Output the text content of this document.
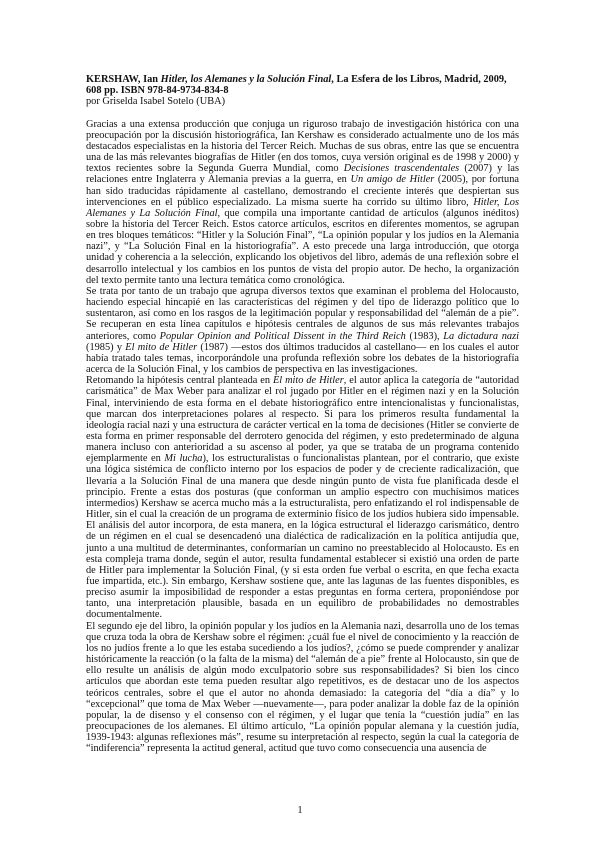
KERSHAW, Ian Hitler, los Alemanes y la Solución Final, La Esfera de los Libros, Madrid, 2009, 608 pp. ISBN 978-84-9734-834-8
por Griselda Isabel Sotelo (UBA)

Gracias a una extensa producción que conjuga un riguroso trabajo de investigación histórica con una preocupación por la discusión historiográfica, Ian Kershaw es considerado actualmente uno de los más destacados especialistas en la historia del Tercer Reich. Muchas de sus obras, entre las que se encuentra una de las más relevantes biografías de Hitler (en dos tomos, cuya versión original es de 1998 y 2000) y textos recientes sobre la Segunda Guerra Mundial, como Decisiones trascendentales (2007) y las relaciones entre Inglaterra y Alemania previas a la guerra, en Un amigo de Hitler (2005), por fortuna han sido traducidas rápidamente al castellano, demostrando el creciente interés que despiertan sus intervenciones en el público especializado. La misma suerte ha corrido su último libro, Hitler, Los Alemanes y La Solución Final, que compila una importante cantidad de artículos (algunos inéditos) sobre la historia del Tercer Reich. Estos catorce artículos, escritos en diferentes momentos, se agrupan en tres bloques temáticos: “Hitler y la Solución Final”, “La opinión popular y los judíos en la Alemania nazi”, y “La Solución Final en la historiografía”. A esto precede una larga introducción, que otorga unidad y coherencia a la selección, explicando los objetivos del libro, además de una reflexión sobre el desarrollo intelectual y los cambios en los puntos de vista del propio autor. De hecho, la organización del texto permite tanto una lectura temática como cronológica.

Se trata por tanto de un trabajo que agrupa diversos textos que examinan el problema del Holocausto, haciendo especial hincapié en las características del régimen y del tipo de liderazgo político que lo sustentaron, así como en los rasgos de la legitimación popular y responsabilidad del “alemán de a pie”. Se recuperan en esta línea capítulos e hipótesis centrales de algunos de sus más relevantes trabajos anteriores, como Popular Opinion and Political Dissent in the Third Reich (1983), La dictadura nazi (1985) y El mito de Hitler (1987) —estos dos últimos traducidos al castellano— en los cuales el autor había tratado tales temas, incorporándole una profunda reflexión sobre los debates de la historiografía acerca de la Solución Final, y los cambios de perspectiva en las investigaciones.

Retomando la hipótesis central planteada en El mito de Hitler, el autor aplica la categoría de “autoridad carismática” de Max Weber para analizar el rol jugado por Hitler en el régimen nazi y en la Solución Final, interviniendo de esta forma en el debate historiográfico entre intencionalistas y funcionalistas, que marcan dos interpretaciones polares al respecto. Si para los primeros resulta fundamental la ideología racial nazi y una estructura de carácter vertical en la toma de decisiones (Hitler se convierte de esta forma en primer responsable del derrotero genocida del régimen, y esto predeterminado de alguna manera incluso con anterioridad a su ascenso al poder, ya que se trataba de un programa contenido ejemplarmente en Mi lucha), los estructuralistas o funcionalistas plantean, por el contrario, que existe una lógica sistémica de conflicto interno por los espacios de poder y de creciente radicalización, que llevaría a la Solución Final de una manera que desde ningún punto de vista fue planificada desde el principio. Frente a estas dos posturas (que conforman un amplio espectro con muchísimos matices intermedios) Kershaw se acerca mucho más a la estructuralista, pero enfatizando el rol indispensable de Hitler, sin el cual la creación de un programa de exterminio físico de los judíos hubiera sido impensable. El análisis del autor incorpora, de esta manera, en la lógica estructural el liderazgo carismático, dentro de un régimen en el cual se desencadenó una dialéctica de radicalización en la política antijudía que, junto a una multitud de determinantes, conformarían un camino no preestablecido al Holocausto. Es en esta compleja trama donde, según el autor, resulta fundamental establecer si existió una orden de parte de Hitler para implementar la Solución Final, (y si esta orden fue verbal o escrita, en que fecha exacta fue impartida, etc.). Sin embargo, Kershaw sostiene que, ante las lagunas de las fuentes disponibles, es preciso asumir la imposibilidad de responder a estas preguntas en forma certera, proponiéndose por tanto, una interpretación plausible, basada en un equilibro de probabilidades no demostrables documentalmente.

El segundo eje del libro, la opinión popular y los judíos en la Alemania nazi, desarrolla uno de los temas que cruza toda la obra de Kershaw sobre el régimen: ¿cuál fue el nivel de conocimiento y la reacción de los no judíos frente a lo que les estaba sucediendo a los judíos?, ¿cómo se puede comprender y analizar históricamente la reacción (o la falta de la misma) del “alemán de a pie” frente al Holocausto, sin que de ello resulte un análisis de algún modo exculpatorio sobre sus responsabilidades? Si bien los cinco artículos que abordan este tema pueden resultar algo repetitivos, es de destacar uno de los aspectos teóricos centrales, sobre el que el autor no ahonda demasiado: la categoría del “día a día” y lo “excepcional” que toma de Max Weber —nuevamente—, para poder analizar la doble faz de la opinión popular, la de disenso y el consenso con el régimen, y el lugar que tenía la “cuestión judía” en las preocupaciones de los alemanes. El último artículo, “La opinión popular alemana y la cuestión judía, 1939-1943: algunas reflexiones más”, resume su interpretación al respecto, según la cual la categoría de “indiferencia” representa la actitud general, actitud que tuvo como consecuencia una ausencia de

1
